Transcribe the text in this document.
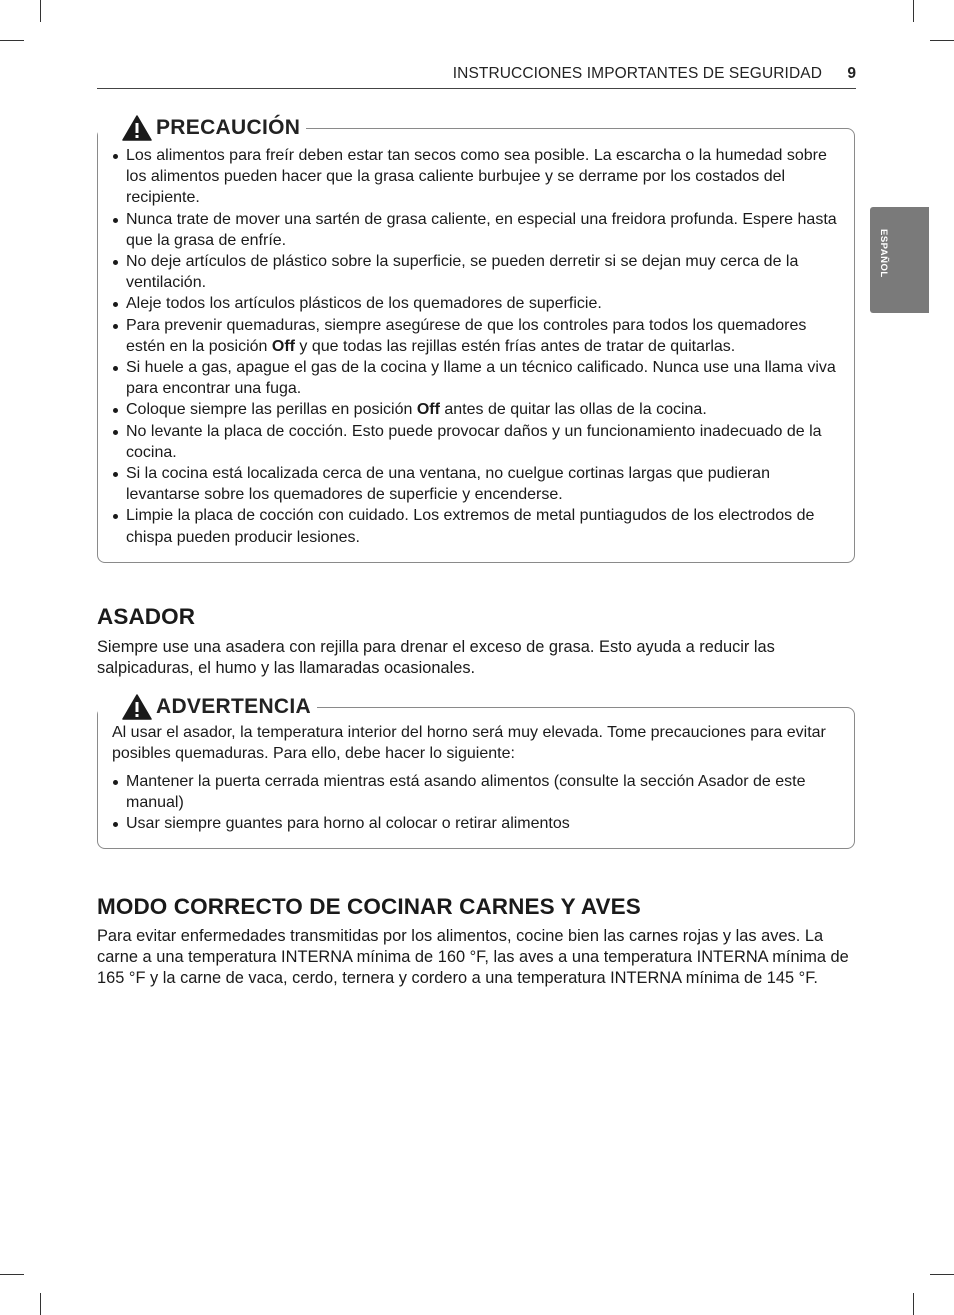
INSTRUCCIONES IMPORTANTES DE SEGURIDAD 9
ESPAÑOL
PRECAUCIÓN
Los alimentos para freír deben estar tan secos como sea posible. La escarcha o la humedad sobre los alimentos pueden hacer que la grasa caliente burbujee y se derrame por los costados del recipiente.
Nunca trate de mover una sartén de grasa caliente, en especial una freidora profunda. Espere hasta que la grasa de enfríe.
No deje artículos de plástico sobre la superficie, se pueden derretir si se dejan muy cerca de la ventilación.
Aleje todos los artículos plásticos de los quemadores de superficie.
Para prevenir quemaduras, siempre asegúrese de que los controles para todos los quemadores estén en la posición Off y que todas las rejillas estén frías antes de tratar de quitarlas.
Si huele a gas, apague el gas de la cocina y llame a un técnico calificado. Nunca use una llama viva para encontrar una fuga.
Coloque siempre las perillas en posición Off antes de quitar las ollas de la cocina.
No levante la placa de cocción. Esto puede provocar daños y un funcionamiento inadecuado de la cocina.
Si la cocina está localizada cerca de una ventana, no cuelgue cortinas largas que pudieran levantarse sobre los quemadores de superficie y encenderse.
Limpie la placa de cocción con cuidado. Los extremos de metal puntiagudos de los electrodos de chispa pueden producir lesiones.
ASADOR
Siempre use una asadera con rejilla para drenar el exceso de grasa. Esto ayuda a reducir las salpicaduras, el humo y las llamaradas ocasionales.
ADVERTENCIA
Al usar el asador, la temperatura interior del horno será muy elevada. Tome precauciones para evitar posibles quemaduras. Para ello, debe hacer lo siguiente:
Mantener la puerta cerrada mientras está asando alimentos (consulte la sección Asador de este manual)
Usar siempre guantes para horno al colocar o retirar alimentos
MODO CORRECTO DE COCINAR CARNES Y AVES
Para evitar enfermedades transmitidas por los alimentos, cocine bien las carnes rojas y las aves. La carne a una temperatura INTERNA mínima de 160 °F, las aves a una temperatura INTERNA mínima de 165 °F y la carne de vaca, cerdo, ternera y cordero a una temperatura INTERNA mínima de 145 °F.
